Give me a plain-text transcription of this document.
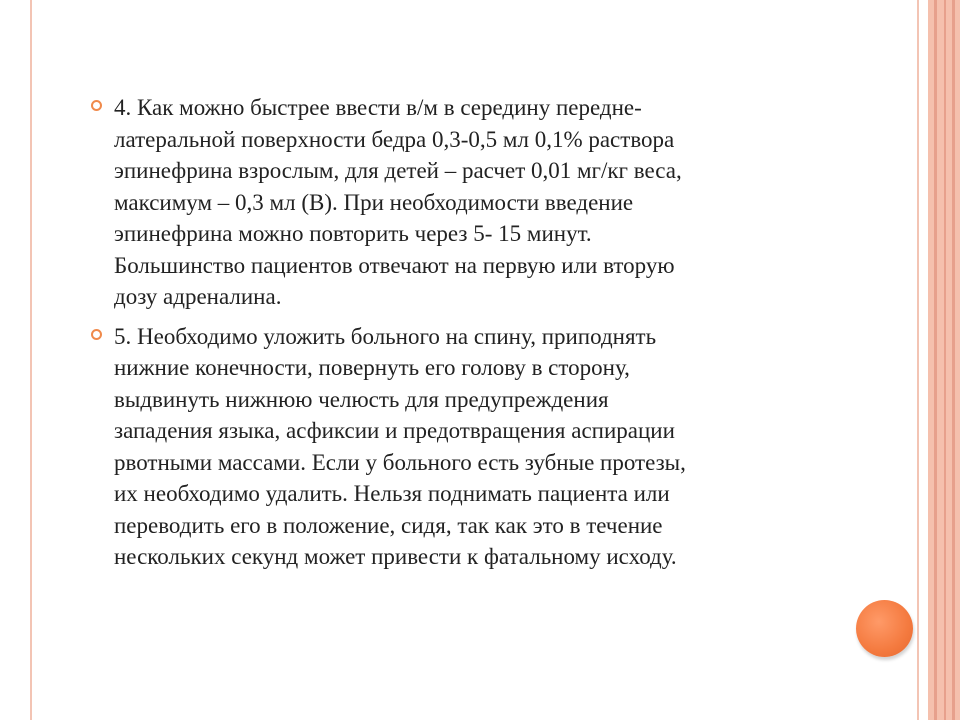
4. Как можно быстрее ввести в/м в середину передне-
латеральной поверхности бедра 0,3-0,5 мл 0,1% раствора
эпинефрина взрослым, для детей – расчет 0,01 мг/кг веса,
максимум – 0,3 мл (B). При необходимости введение
эпинефрина можно повторить через 5- 15 минут.
Большинство пациентов отвечают на первую или вторую
дозу адреналина.
5. Необходимо уложить больного на спину, приподнять
нижние конечности, повернуть его голову в сторону,
выдвинуть нижнюю челюсть для предупреждения
западения языка, асфиксии и предотвращения аспирации
рвотными массами. Если у больного есть зубные протезы,
их необходимо удалить. Нельзя поднимать пациента или
переводить его в положение, сидя, так как это в течение
нескольких секунд может привести к фатальному исходу.
